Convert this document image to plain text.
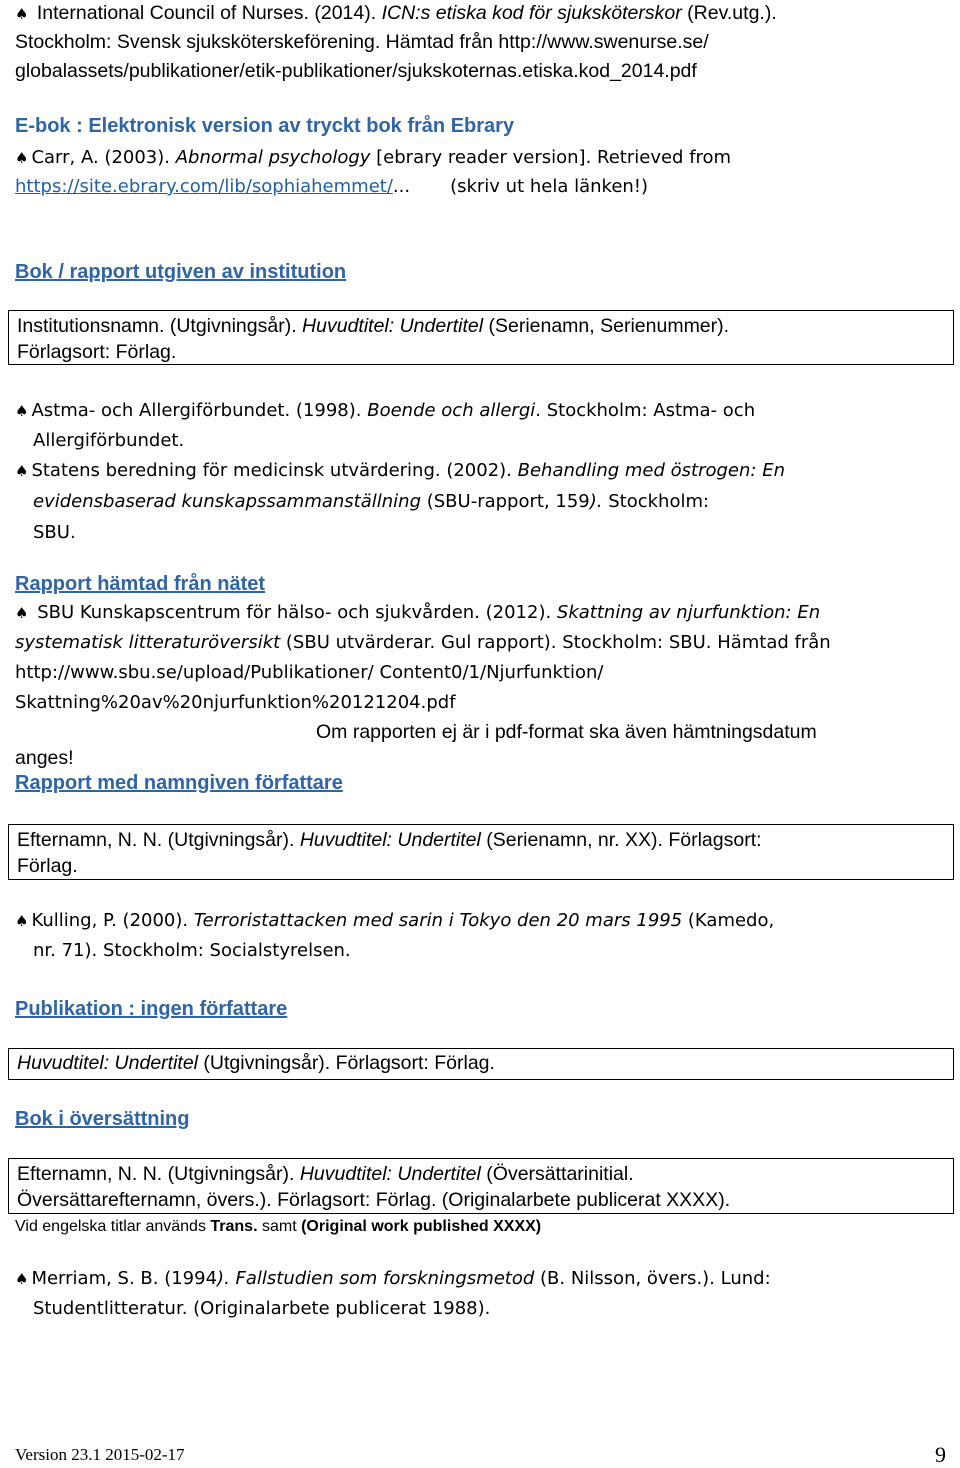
♠ International Council of Nurses. (2014). ICN:s etiska kod för sjuksköterskor (Rev.utg.).
Stockholm: Svensk sjuksköterskeförening. Hämtad från http://www.swenurse.se/
globalassets/publikationer/etik-publikationer/sjukskoternas.etiska.kod_2014.pdf
E-bok : Elektronisk version av tryckt bok från Ebrary
♠ Carr, A. (2003). Abnormal psychology [ebrary reader version]. Retrieved from
https://site.ebrary.com/lib/sophiahemmet/... (skriv ut hela länken!)
Bok / rapport utgiven av institution
Institutionsnamn. (Utgivningsår). Huvudtitel: Undertitel (Serienamn, Serienummer).
Förlagsort: Förlag.
♠ Astma- och Allergiförbundet. (1998). Boende och allergi. Stockholm: Astma- och
Allergiförbundet.
♠ Statens beredning för medicinsk utvärdering. (2002). Behandling med östrogen: En
evidensbaserad kunskapssammanställning (SBU-rapport, 159). Stockholm:
SBU.
Rapport hämtad från nätet
♠ SBU Kunskapscentrum för hälso- och sjukvården. (2012). Skattning av njurfunktion: En
systematisk litteraturöversikt (SBU utvärderar. Gul rapport). Stockholm: SBU. Hämtad från
http://www.sbu.se/upload/Publikationer/ Content0/1/Njurfunktion/
Skattning%20av%20njurfunktion%20121204.pdf
Om rapporten ej är i pdf-format ska även hämtningsdatum
anges!
Rapport med namngiven författare
Efternamn, N. N. (Utgivningsår). Huvudtitel: Undertitel (Serienamn, nr. XX). Förlagsort:
Förlag.
♠ Kulling, P. (2000). Terroristattacken med sarin i Tokyo den 20 mars 1995 (Kamedo,
nr. 71). Stockholm: Socialstyrelsen.
Publikation : ingen författare
Huvudtitel: Undertitel (Utgivningsår). Förlagsort: Förlag.
Bok i översättning
Efternamn, N. N. (Utgivningsår). Huvudtitel: Undertitel (Översättarinitial.
Översättarefternamn, övers.). Förlagsort: Förlag. (Originalarbete publicerat XXXX).
Vid engelska titlar används Trans. samt (Original work published XXXX)
♠ Merriam, S. B. (1994). Fallstudien som forskningsmetod (B. Nilsson, övers.). Lund:
Studentlitteratur. (Originalarbete publicerat 1988).
Version 23.1 2015-02-17	9
